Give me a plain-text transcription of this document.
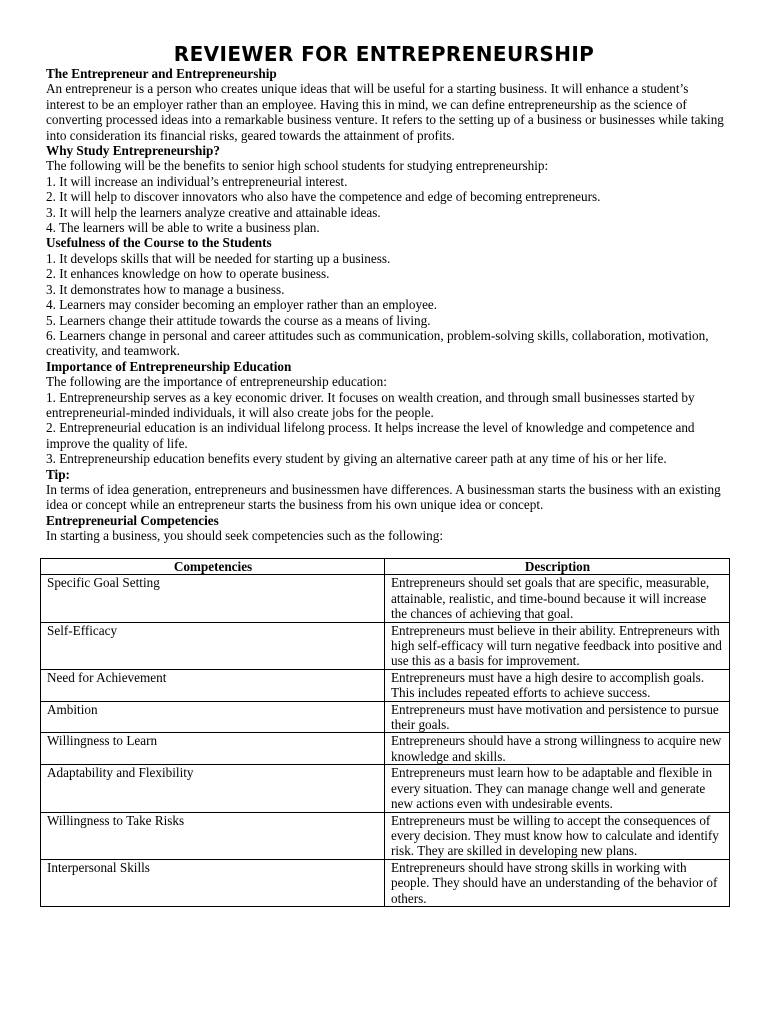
REVIEWER FOR ENTREPRENEURSHIP
The Entrepreneur and Entrepreneurship

An entrepreneur is a person who creates unique ideas that will be useful for a starting business. It will enhance a student’s interest to be an employer rather than an employee. Having this in mind, we can define entrepreneurship as the science of converting processed ideas into a remarkable business venture. It refers to the setting up of a business or businesses while taking into consideration its financial risks, geared towards the attainment of profits.

Why Study Entrepreneurship?

The following will be the benefits to senior high school students for studying entrepreneurship:

1. It will increase an individual’s entrepreneurial interest.
2. It will help to discover innovators who also have the competence and edge of becoming entrepreneurs.
3. It will help the learners analyze creative and attainable ideas.
4. The learners will be able to write a business plan.
Usefulness of the Course to the Students
1. It develops skills that will be needed for starting up a business.
2. It enhances knowledge on how to operate business.
3. It demonstrates how to manage a business.
4. Learners may consider becoming an employer rather than an employee.
5. Learners change their attitude towards the course as a means of living.
6. Learners change in personal and career attitudes such as communication, problem-solving skills, collaboration, motivation, creativity, and teamwork.
Importance of Entrepreneurship Education

The following are the importance of entrepreneurship education:

1. Entrepreneurship serves as a key economic driver. It focuses on wealth creation, and through small businesses started by entrepreneurial-minded individuals, it will also create jobs for the people.
2. Entrepreneurial education is an individual lifelong process. It helps increase the level of knowledge and competence and improve the quality of life.
3. Entrepreneurship education benefits every student by giving an alternative career path at any time of his or her life.
Tip:

In terms of idea generation, entrepreneurs and businessmen have differences. A businessman starts the business with an existing idea or concept while an entrepreneur starts the business from his own unique idea or concept.

Entrepreneurial Competencies

In starting a business, you should seek competencies such as the following:

Competencies	Description
Specific Goal Setting	Entrepreneurs should set goals that are specific, measurable, attainable, realistic, and time-bound because it will increase the chances of achieving that goal.
Self-Efficacy	Entrepreneurs must believe in their ability. Entrepreneurs with high self-efficacy will turn negative feedback into positive and use this as a basis for improvement.
Need for Achievement	Entrepreneurs must have a high desire to accomplish goals. This includes repeated efforts to achieve success.
Ambition	Entrepreneurs must have motivation and persistence to pursue their goals.
Willingness to Learn	Entrepreneurs should have a strong willingness to acquire new knowledge and skills.
Adaptability and Flexibility	Entrepreneurs must learn how to be adaptable and flexible in every situation. They can manage change well and generate new actions even with undesirable events.
Willingness to Take Risks	Entrepreneurs must be willing to accept the consequences of every decision. They must know how to calculate and identify risk. They are skilled in developing new plans.
Interpersonal Skills	Entrepreneurs should have strong skills in working with people. They should have an understanding of the behavior of others.
